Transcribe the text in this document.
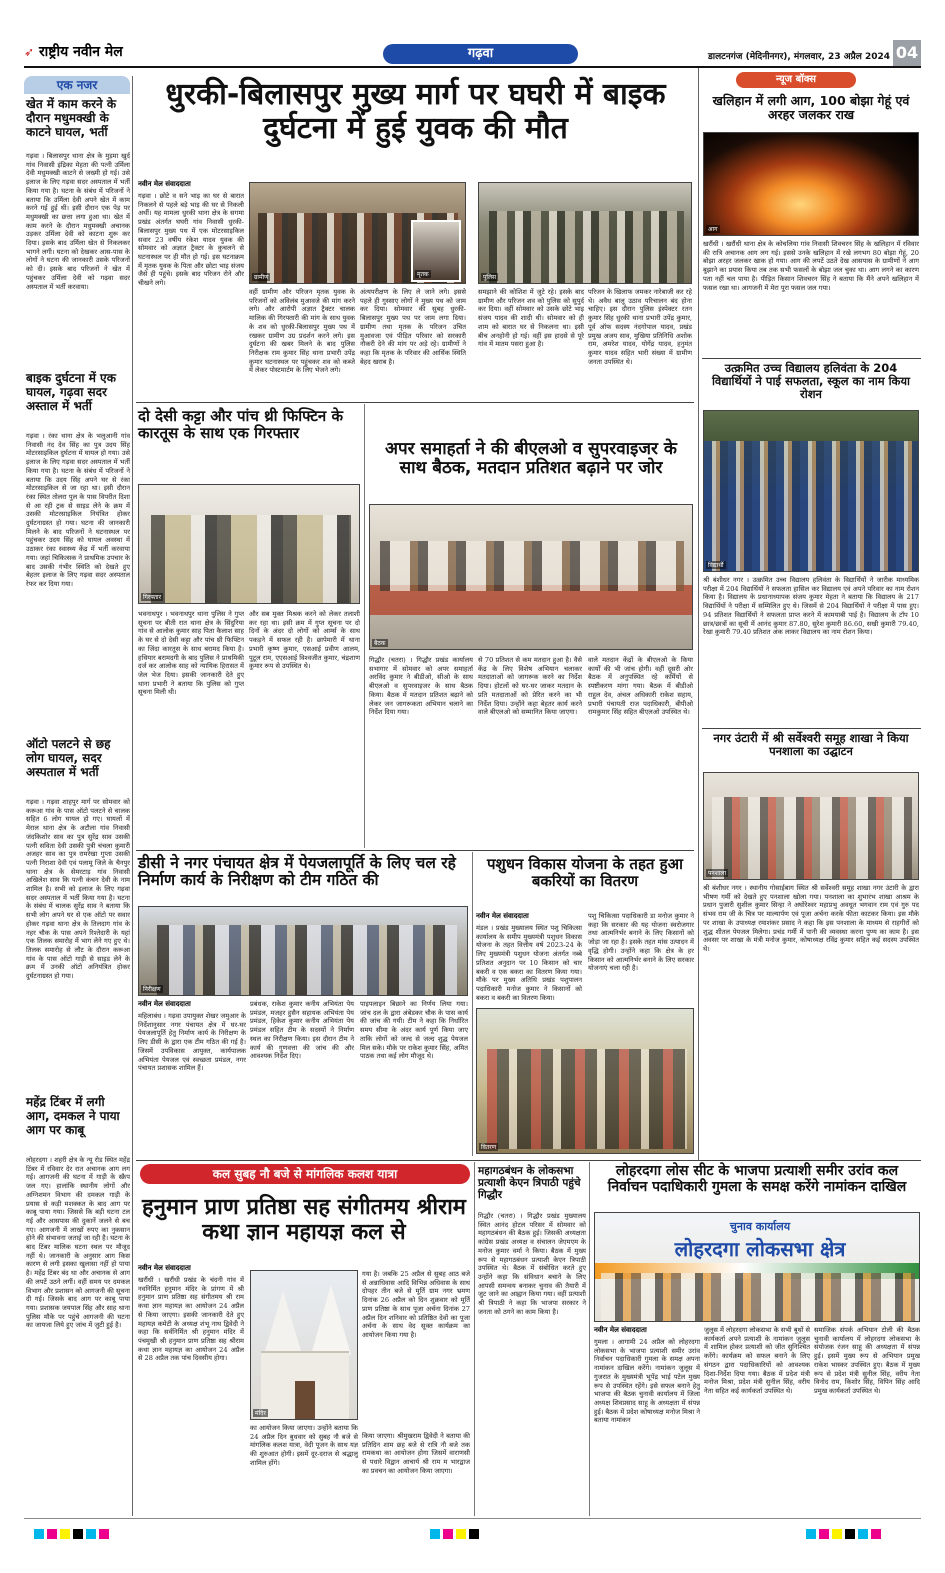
➶ राष्ट्रीय नवीन मेल	गढ़वा	डालटनगंज (मेदिनीनगर), मंगलवार, 23 अप्रैल 2024 04
एक नजर
खेत में काम करने के दौरान मधुमक्खी के काटने घायल, भर्ती
गढ़वा । बिलासपुर थाना क्षेत्र के मुड़मा खुर्द गांव निवासी इंद्रिका मेहता की पत्नी उर्मिला देवी मधुमक्खी काटने से जख्मी हो गई। उसे इलाज के लिए गढ़वा सदर अस्पताल में भर्ती किया गया है। घटना के संबंध में परिजनों ने बताया कि उर्मिला देवी अपने खेत में काम करने गई हुई थी। इसी दौरान एक पेड़ पर मधुमक्खी का छत्ता लगा हुआ था। खेत में काम करने के दौरान मधुमक्खी अचानक उड़कर उर्मिला देवी को काटना शुरू कर दिया। इसके बाद उर्मिला खेत से निकलकर भागने लगी। घटना को देखकर आस-पास के लोगों ने घटना की जानकारी उसके परिजनों को दी। इसके बाद परिजनों ने खेत में पहुंचकर उर्मिला देवी को गढ़वा सदर अस्पताल में भर्ती करवाया।
बाइक दुर्घटना में एक घायल, गढ़वा सदर अस्ताल में भर्ती
गढ़वा । रंका थाना क्षेत्र के भलुआनी गांव निवासी नंद देव सिंह का पुत्र उदय सिंह मोटरसाइकिल दुर्घटना में घायल हो गया। उसे इलाज के लिए गढ़वा सदर अस्पताल में भर्ती किया गया है। घटना के संबंध में परिजनों ने बताया कि उदय सिंह अपने घर से रंका मोटरसाइकिल से जा रहा था। इसी दौरान रंका स्थित तोलरा पुल के पास विपरीत दिशा से आ रही ट्रक से साइड लेने के क्रम में उसकी मोटरसाइकिल नियंत्रित होकर दुर्घटनाग्रस्त हो गया। घटना की जानकारी मिलने के बाद परिजनों ने घटनास्थल पर पहुंचकर उदय सिंह को घायल अवस्था में उठाकर रंका स्वास्थ्य केंद्र में भर्ती करवाया गया। जहां चिकित्सक ने प्राथमिक उपचार के बाद उसकी गंभीर स्थिति को देखते हुए बेहतर इलाज के लिए गढ़वा सदर अस्पताल रेफर कर दिया गया।
ऑटो पलटने से छह लोग घायल, सदर अस्पताल में भर्ती
गढ़वा । गढ़वा शाहपुर मार्ग पर सोमवार को करूआ गांव के पास ऑटो पलटने से चालक सहित 6 लोग घायल हो गए। घायलों में मेराल थाना क्षेत्र के अटौला गांव निवासी जंदकिशोर साव का पुत्र सुरेंद्र साव उसकी पत्नी सविता देवी उसकी पुत्री चंचला कुमारी अजहर साव का पुत्र रामरेखा गुप्ता उसकी पत्नी निराशा देवी एवं पलामू जिले के चैनपुर थाना क्षेत्र के सेमरटाड़ गांव निवासी अखिलेश साव कि पत्नी कंचन देवी के नाम शामिल है। सभी को इलाज के लिए गढ़वा सदर अस्पताल में भर्ती किया गया है। घटना के संबंध में चालक सुरेंद्र साव ने बताया कि सभी लोग अपने घर से एक ऑटो पर सवार होकर गढ़वा थाना क्षेत्र के तिलदाग गांव के नहर चौक के पास अपने रिश्तेदारी के यहां एक तिलक समारोह में भाग लेने गए हुए थे। तिलक समारोह से लौट के दौरान करूआ गांव के पास ऑटो गाड़ी से साइड लेने के क्रम में उनकी ऑटो अनियंत्रित होकर दुर्घटनाग्रस्त हो गया।
महेंद्र टिंबर में लगी आग, दमकल ने पाया आग पर काबू
लोहरदगा । शहरी क्षेत्र के न्यू रोड स्थित महेंद्र टिंबर में रविवार देर रात अचानक आग लग गई। आगजनी की घटना में गाड़ी के स्क्रैप जल गए। हालांकि स्थानीय लोगों और अग्निशमन विभाग की दमकल गाड़ी के प्रयास से कड़ी मशक्कत के बाद आग पर काबू पाया गया। जिससे कि बड़ी घटना टल गई और आसपास की दुकानें जलने से बच गए। आगजनी में लाखों रुपए का नुकसान होने की संभावना जताई जा रही है। घटना के बाद टिंबर मालिक घटना स्थल पर मौजूद नहीं थे। जानकारी के अनुसार आग किस कारण से लगी इसका खुलासा नहीं हो पाया है। महेंद्र टिंबर बंद था और अचानक से आग की लपटें उठने लगीं। वहीं समय पर दमकल विभाग और प्रशासन को आगजनी की सूचना दी गई। जिसके बाद आग पर काबू पाया गया। प्रशासक जयपाल सिंह और साह थाना पुलिस मौके पर पहुंचे आगजनी की घटना का जायजा लिये हुए जांच में जुटी हुई है।
धुरकी-बिलासपुर मुख्य मार्ग पर घघरी में बाइक दुर्घटना में हुई युवक की मौत
नवीन मेल संवाददाता
गढ़वा । छोटे व सने भाइ का घर से बारात निकलने से पहले बड़े भाइ की घर से निकली अर्थी। यह मामला धुरकी थाना क्षेत्र के सगमा प्रखंड अंतर्गत घघरी गांव निवासी धुरकी-बिलासपुर मुख्य पथ में एक मोटरसाइकिल सवार 23 वर्षीय रंकेश यादव युवक की सोमवार को अज्ञात ट्रैक्टर के कुचलने से घटनास्थल पर ही मौत हो गई। इस घटनाक्रम में मृतक युवक के पिता और छोटा भाइ संजय जैसे ही पहुंचे। इसके बाद परिजन रोने और चीखने लगे।
ग्रामीण	मृतक	पुलिस
वहीं ग्रामीण और परिजन मृतक युवक के परिजनों को अविलंब मुआवजे की मांग करने लगे। और आरोपी अज्ञात ट्रैक्टर चालक मालिक की गिरफ्तारी की मांग के साथ युवक के शव को धुरकी-बिलासपुर मुख्य पथ में रखकर ग्रामीण उग्र प्रदर्शन करने लगे। इस दुर्घटना की खबर मिलने के बाद पुलिस निरीक्षक राम कुमार सिंह थाना प्रभारी उपेंद्र कुमार घटनास्थल पर पहुंचकर शव को कब्जे में लेकर पोस्टमार्टम के लिए भेजने लगे।
अंत्यपरीक्षण के लिए ले जाने लगे। इससे पहले ही गुस्साए लोगों ने मुख्य पथ को जाम कर दिया। सोमवार की सुबह धुरकी-बिलासपुर मुख्य पथ पर जाम लगा दिया। ग्रामीण तथा मृतक के परिजन उचित मुआवजा एवं पीड़ित परिवार को सरकारी नौकरी देने की मांग पर अड़े रहे। ग्रामीणों ने कहा कि मृतक के परिवार की आर्थिक स्थिति बेहद खराब है।
समझाने की कोशिश में जुटे रहे। इसके बाद ग्रामीण और परिजन शव को पुलिस को सुपुर्द कर दिया। वहीं सोमवार को उसके छोटे भाइ संजय यादव की शादी थी। सोमवार को ही शाम को बारात घर से निकलना था। इसी बीच अनहोनी हो गई। वहीं इस हादसे से पूरे गांव में मातम पसरा हुआ है।
परिजन के खिलाफ जमकर नारेबाजी कर रहे थे। अवैध बालू उठाव परिचालन बंद होना चाहिए। इस दौरान पुलिस इंस्पेक्टर रतन कुमार सिंह धुरकी थाना प्रभारी उपेंद्र कुमार, पूर्व ऑफ सदस्य नंदगोपाल यादव, प्रखंड प्रमुख अजय साव, मुखिया प्रतिनिधि अशोक राम, अमरेश यादव, योगेंद्र यादव, हनुमंत कुमार यादव सहित भारी संख्या में ग्रामीण जनता उपस्थित थे।
दो देसी कट्टा और पांच थ्री फिफ्टिन के कारतूस के साथ एक गिरफ्तार
गिरफ्तार
भवनाथपुर । भवनाथपुर थाना पुलिस ने गुप्त सूचना पर बीती रात थाना क्षेत्र के सिंदुरिया गांव से आलोक कुमार साह पिता कैलाश साह के घर से दो देसी कट्टा और पांच थ्री फिफ्टिन का जिंदा कारतूस के साथ बरामद किया है। हथियार बरामदगी के बाद पुलिस ने प्राथमिकी दर्ज कर आलोक साह को न्यायिक हिरासत में जेल भेज दिया। इसकी जानकारी देते हुए थाना प्रभारी ने बताया कि पुलिस को गुप्त सूचना मिली थी।
और सब मुक्त मिश्रक करने को लेकर तलाशी कर रहा था। इसी क्रम में गुप्त सूचना पर दो दिनों के अंदर दो लोगों को आर्म्स के साथ पकड़ने में सफल रही है। छापेमारी में थाना प्रभारी कृष्ण कुमार, एसआई प्रवीण आलम, पुटूल राम, एएसआई विश्वजीत कुमार, चंद्रशाण कुमार रूप से उपस्थित थे।
अपर समाहर्ता ने की बीएलओ व सुपरवाइजर के साथ बैठक, मतदान प्रतिशत बढ़ाने पर जोर
बैठक
गिद्धौर (चतरा) । गिद्धौर प्रखंड कार्यालय सभागार में सोमवार को अपर समाहर्ता अरविंद कुमार ने बीडीओ, सीओ के साथ बीएलओ व सुपरवाइजर के साथ बैठक किया। बैठक में मतदान प्रतिशत बढ़ाने को लेकर जन जागरूकता अभियान चलाने का निर्देश दिया गया।
से 70 प्रतिशत से कम मतदान हुआ है। वैसे केंद्र के लिए विशेष अभियान चलाकर मतदाताओं को जागरूक करने का निर्देश दिया। होटलों को घर-घर जाकर मतदान के प्रति मतदाताओं को प्रेरित करने का भी निर्देश दिया। उन्होंने कहा बेहतर कार्य करने वाले बीएलओ को सम्मानित किया जाएगा।
वाले मतदान केंद्रों के बीएलओ के किया कार्यों की भी जांच होगी। वहीं दूसरी ओर बैठक में अनुपस्थित रहे कर्मियों से स्पष्टीकरण मांगा गया। बैठक में बीडीओ राहुल देव, अंचल अधिकारी राकेश सहाय, प्रभारी पंचायती राज पदाधिकारी, बीपीओ रामकुमार सिंह सहित बीएलओ उपस्थित थे।
डीसी ने नगर पंचायत क्षेत्र में पेयजलापूर्ति के लिए चल रहे निर्माण कार्य के निरीक्षण को टीम गठित की
निरीक्षण
नवीन मेल संवाददाता
महिलाबंध । गढ़वा उपायुक्त शेखर जमुआर के निर्देशानुसार नगर पंचायत क्षेत्र में घर-घर पेयजलापूर्ति हेतु निर्माण कार्य के निरीक्षण के लिए डीसी के द्वारा एक टीम गठित की गई है। जिसमें उपविकास आयुक्त, कार्यपालक अभियंता पेयजल एवं स्वच्छता प्रमंडल, नगर पंचायत प्रशासक शामिल हैं।
प्रबंधक, राकेश कुमार कनीय अभियंता पेय प्रमंडल, मजहर हुसैन सहायक अभियंता पेय प्रमंडल, हिकेश कुमार कनीय अभियंता पेय प्रमंडल सहित टीम के सदस्यों ने निर्माण स्थल का निरीक्षण किया। इस दौरान टीम ने कार्य की गुणवत्ता की जांच की और आवश्यक निर्देश दिए।
पाइपलाइन बिछाने का निर्णय लिया गया। जांच दल के द्वारा अंबेडकर चौक के पास कार्य की जांच की गयी। टीम ने कहा कि निर्धारित समय सीमा के अंदर कार्य पूर्ण किया जाए ताकि लोगों को जल्द से जल्द शुद्ध पेयजल मिल सके। मौके पर राकेश कुमार सिंह, अमित पाठक तथा कई लोग मौजूद थे।
पशुधन विकास योजना के तहत हुआ बकरियों का वितरण
नवीन मेल संवाददाता
मंडल । प्रखंड मुख्यालय स्थित पशु चिकित्सा कार्यालय के समीप मुख्यमंत्री पशुधन विकास योजना के तहत वित्तीय वर्ष 2023-24 के लिए मुख्यमंत्री पशुधन योजना अंतर्गत नब्बे प्रतिशत अनुदान पर 10 किसान को चार बकरी व एक बकरा का वितरण किया गया। मौके पर मुख्य अतिथि प्रखंड पशुपालन पदाधिकारी मनोज कुमार ने किसानों को बकरा व बकरी का वितरण किया।
पशु चिकित्सा पदाधिकारी डा मनोज कुमार ने कहा कि सरकार की यह योजना स्वरोजगार तथा आत्मनिर्भर बनाने के लिए किसानों को जोड़ा जा रहा है। इसके तहत मांस उत्पादन में वृद्धि होगी। उन्होंने कहा कि क्षेत्र के हर किसान को आत्मनिर्भर बनाने के लिए सरकार योजनाएं चला रही है।
वितरण
न्यूज बॉक्स
खलिहान में लगी आग, 100 बोझा गेहूं एवं अरहर जलकर राख
आग
खरौंधी । खरौंधी थाना क्षेत्र के कोचलिया गांव निवासी शिवचरन सिंह के खलिहान में रविवार की रात्रि अचानक आग लग गई। इससे उनके खलिहान में रखे लगभग 80 बोझा गेहूं, 20 बोझा अरहर जलकर खाक हो गया। आग की लपटें उठते देख आसपास के ग्रामीणों ने आग बुझाने का प्रयास किया तब तक सभी फसलों के बोझा जल चुका था। आग लगने का कारण पता नहीं चल पाया है। पीड़ित किसान शिवचरन सिंह ने बताया कि मैंने अपने खलिहान में फसल रखा था। आगजनी में मेरा पूरा फसल जल गया।
उत्क्रमित उच्च विद्यालय हलिवंता के 204 विद्यार्थियों ने पाई सफलता, स्कूल का नाम किया रोशन
विद्यार्थी
श्री बंशीधर नगर । उत्क्रमित उच्च विद्यालय हलिवंता के विद्यार्थियों ने जारीक माध्यमिक परीक्षा में 204 विद्यार्थियों ने सफलता हासिल कर विद्यालय एवं अपने परिवार का नाम रोशन किया है। विद्यालय के प्रधानाध्यापक संजय कुमार मेहता ने बताया कि विद्यालय के 217 विद्यार्थियों ने परीक्षा में सम्मिलित हुए थे। जिसमें से 204 विद्यार्थियों ने परीक्षा में पास हुए। 94 प्रतिशत विद्यार्थियों ने सफलता प्राप्त करने में कामयाबी पाई है। विद्यालय के टॉप 10 छात्र/छात्रों का सूची में आनंद कुमार 87.80, सुरेश कुमारी 86.60, सखी कुमारी 79.40, रेखा कुमारी 79.40 प्रतिशत अंक लाकर विद्यालय का नाम रोशन किया।
नगर उंटारी में श्री सर्वेश्वरी समूह शाखा ने किया पनशाला का उद्घाटन
पनशाला
श्री बंशीधर नगर । स्थानीय गोसाईबाग स्थित श्री सर्वेश्वरी समूह शाखा नगर उंटारी के द्वारा भीषण गर्मी को देखते हुए पनशाला खोला गया। पनशाला का शुभारंभ शाखा आश्रम के प्रधान पुजारी सुशील कुमार सिन्हा ने अघोरेश्वर महाप्रभु अवधूत भगवान राम एवं गुरु पद संभव राम जी के चित्र पर माल्यार्पण एवं पूजा अर्चना करके फीता काटकर किया। इस मौके पर शाखा के उपाध्यक्ष रमाशंकर प्रसाद ने कहा कि इस पनशाला के माध्यम से राहगीरों को शुद्ध शीतल पेयजल मिलेगा। प्रचंड गर्मी में पानी की व्यवस्था करना पुण्य का काम है। इस अवसर पर शाखा के मंत्री मनोज कुमार, कोषाध्यक्ष रविंद्र कुमार सहित कई सदस्य उपस्थित थे।
कल सुबह नौ बजे से मांगलिक कलश यात्रा
हनुमान प्राण प्रतिष्ठा सह संगीतमय श्रीराम कथा ज्ञान महायज्ञ कल से
नवीन मेल संवाददाता
खरौंधी । खरौंधी प्रखंड के चंदनी गांव में नवनिर्मित हनुमान मंदिर के प्रांगण में श्री हनुमान प्राण प्रतिष्ठा सह संगीतमय श्री राम कथा ज्ञान महायज्ञ का आयोजन 24 अप्रैल से किया जाएगा। इसकी जानकारी देते हुए महायज्ञ कमेटी के अध्यक्ष शंभू नाथ द्विवेदी ने कहा कि सर्वनिर्मित श्री हनुमान मंदिर में पंचमुखी श्री हनुमान प्राण प्रतिष्ठा सह श्रीराम कथा ज्ञान महायज्ञ का आयोजन 24 अप्रैल से 28 अप्रैल तक पांच दिवसीय होगा।
मंदिर
का आयोजन किया जाएगा। उन्होंने बताया कि 24 अप्रैल दिन बुधवार को सुबह नौ बजे से मांगलिक कलश यात्रा, वेदी पूजन के साथ यज्ञ की शुरुआत होगी। इसमें दूर-दराज से श्रद्धालु शामिल होंगे।
गया है। जबकि 25 अप्रैल से सुबह आठ बजे से अन्नाधिवास आदि विभिन्न अधिवास के साथ दोपहर तीन बजे से मूर्ति ग्राम नगर भ्रमण दिनांक 26 अप्रैल को दिन शुक्रवार को मूर्ति प्राण प्रतिष्ठा के साथ पूजा अर्चना दिनांक 27 अप्रैल दिन शनिवार को प्रतिष्ठित देवों का पूजा अर्चना के साथ वेद सूक्त कार्यक्रम का आयोजन किया गया है।
किया जाएगा। श्रीमुखराम द्विवेदी ने बताया की प्रतिदिन शाम छह बजे से रात्रि नौ बजे तक रामकथा का आयोजन होगा जिसमें वाराणसी से पधारे विद्वान आचार्य श्री राम म भारद्वाज का प्रवचन का आयोजन किया जाएगा।
महागठबंधन के लोकसभा प्रत्याशी केएन त्रिपाठी पहुंचे गिद्धौर
गिद्धौर (चतरा) । गिद्धौर प्रखंड मुख्यालय स्थित आनंद होटल परिसर में सोमवार को महागठबंधन की बैठक हुई। जिसकी अध्यक्षता कांग्रेस प्रखंड अध्यक्ष व संचालन जेएमएम के मनोज कुमार वर्मा ने किया। बैठक में मुख्य रूप से महागठबंधन प्रत्याशी केएन त्रिपाठी उपस्थित थे। बैठक में संबोधित करते हुए उन्होंने कहा कि संविधान बचाने के लिए आपसी समन्वय बनाकर चुनाव की तैयारी में जुट जाने का आह्वान किया गया। वहीं प्रत्याशी श्री त्रिपाठी ने कहा कि भाजपा सरकार ने जनता को ठगने का काम किया है।
लोहरदगा लोस सीट के भाजपा प्रत्याशी समीर उरांव कल निर्वाचन पदाधिकारी गुमला के समक्ष करेंगे नामांकन दाखिल
चुनाव कार्यालय
लोहरदगा लोकसभा क्षेत्र
नवीन मेल संवाददाता
गुमला । आगामी 24 अप्रैल को लोहरदगा लोकसभा के भाजपा प्रत्याशी समीर उरांव निर्वाचन पदाधिकारी गुमला के समक्ष अपना नामांकन दाखिल करेंगे। नामांकन जुलूस में गुजरात के मुख्यमंत्री भूपेंद्र भाई पटेल मुख्य रूप से उपस्थित रहेंगे। इसे सफल बनाने हेतु भाजपा की बैठक चुनावी कार्यालय में जिला अध्यक्ष शिवप्रसाद साहू के अध्यक्षता में संपन्न हुई। बैठक में प्रदेश कोषाध्यक्ष मनोज मिश्रा ने बताया नामांकन
जुलूस में लोहरदगा लोकसभा के सभी बूथों से कार्यकर्ता अपने प्रत्याशी के नामांकन जुलूस में शामिल होकर प्रत्याशी को जीत सुनिश्चित करेंगे। कार्यक्रम को सफल बनाने के लिए संगठन द्वारा पदाधिकारियों को आवश्यक दिशा-निर्देश दिया गया। बैठक में प्रदेश मंत्री मनोज मिश्रा, प्रदेश मंत्री सुनील सिंह, वरीय नेता सहित कई कार्यकर्ता उपस्थित थे।
समाजिक संपर्क अभियान टोली की बैठक चुनावी कार्यालय में लोहरदगा लोकसभा के संयोजक रंजन साहू की अध्यक्षता में संपन्न हुई। इसमें मुख्य रूप से अभियान प्रमुख राकेश भास्कर उपस्थित हुए। बैठक में मुख्य रूप से प्रदेश मंत्री सुनील सिंह, वरीय नेता विनोद राम, किशोर सिंह, विपिन सिंह आदि प्रमुख कार्यकर्ता उपस्थित थे।
